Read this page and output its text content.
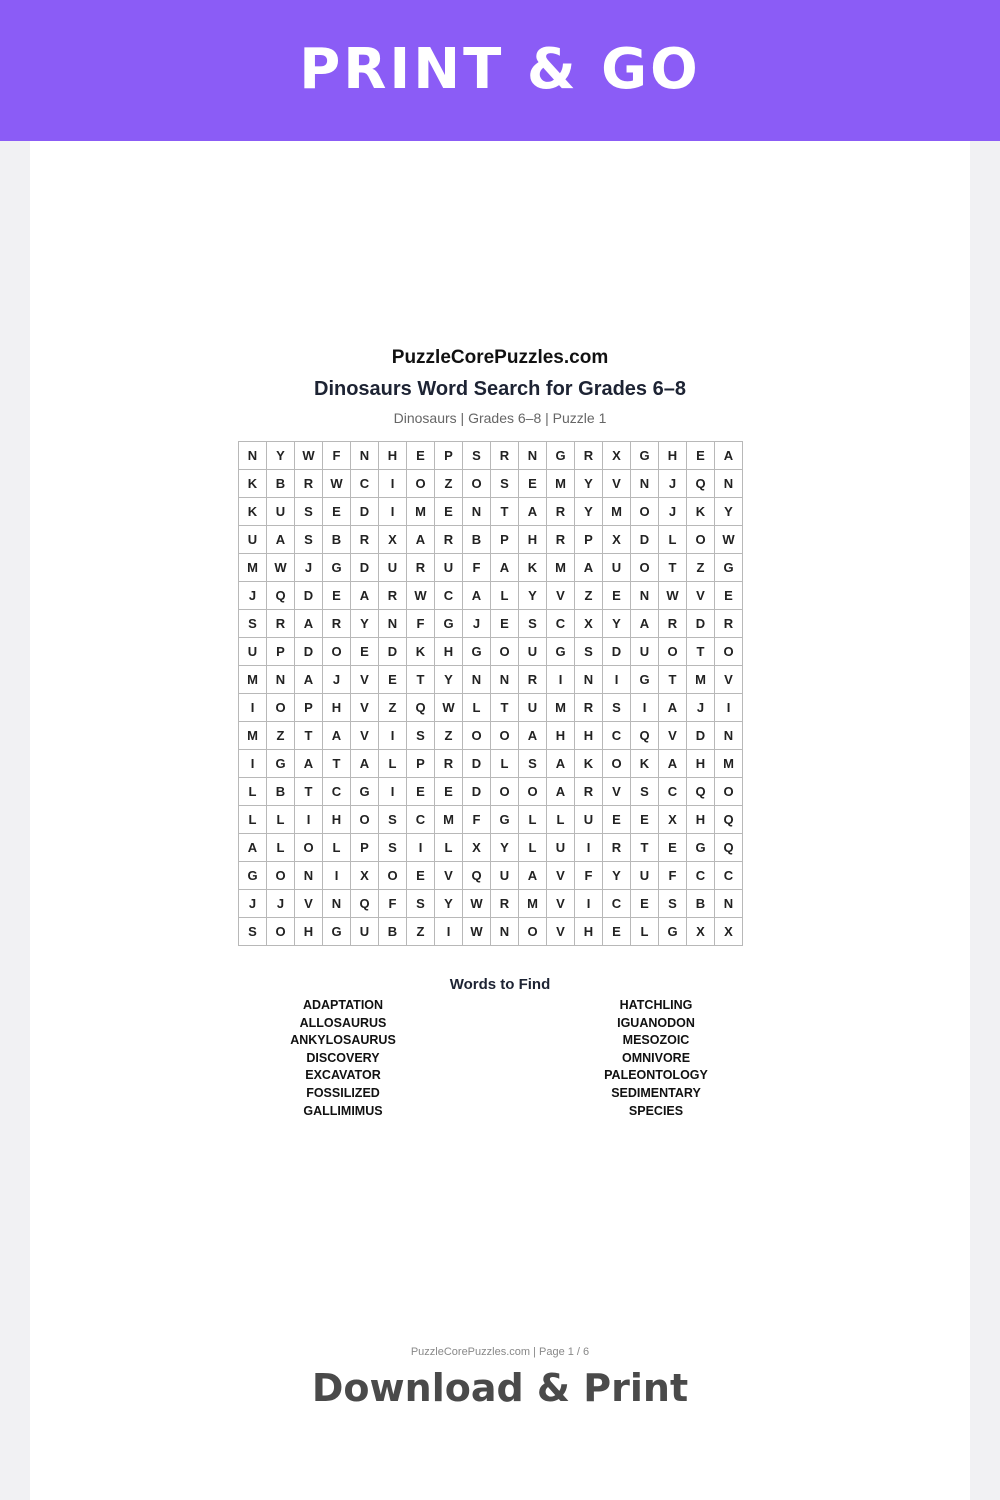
PRINT & GO
PuzzleCorePuzzles.com
Dinosaurs Word Search for Grades 6–8
Dinosaurs | Grades 6–8 | Puzzle 1
N	Y	W	F	N	H	E	P	S	R	N	G	R	X	G	H	E	A
K	B	R	W	C	I	O	Z	O	S	E	M	Y	V	N	J	Q	N
K	U	S	E	D	I	M	E	N	T	A	R	Y	M	O	J	K	Y
U	A	S	B	R	X	A	R	B	P	H	R	P	X	D	L	O	W
M	W	J	G	D	U	R	U	F	A	K	M	A	U	O	T	Z	G
J	Q	D	E	A	R	W	C	A	L	Y	V	Z	E	N	W	V	E
S	R	A	R	Y	N	F	G	J	E	S	C	X	Y	A	R	D	R
U	P	D	O	E	D	K	H	G	O	U	G	S	D	U	O	T	O
M	N	A	J	V	E	T	Y	N	N	R	I	N	I	G	T	M	V
I	O	P	H	V	Z	Q	W	L	T	U	M	R	S	I	A	J	I
M	Z	T	A	V	I	S	Z	O	O	A	H	H	C	Q	V	D	N
I	G	A	T	A	L	P	R	D	L	S	A	K	O	K	A	H	M
L	B	T	C	G	I	E	E	D	O	O	A	R	V	S	C	Q	O
L	L	I	H	O	S	C	M	F	G	L	L	U	E	E	X	H	Q
A	L	O	L	P	S	I	L	X	Y	L	U	I	R	T	E	G	Q
G	O	N	I	X	O	E	V	Q	U	A	V	F	Y	U	F	C	C
J	J	V	N	Q	F	S	Y	W	R	M	V	I	C	E	S	B	N
S	O	H	G	U	B	Z	I	W	N	O	V	H	E	L	G	X	X
Words to Find
ADAPTATION
ALLOSAURUS
ANKYLOSAURUS
DISCOVERY
EXCAVATOR
FOSSILIZED
GALLIMIMUS
HATCHLING
IGUANODON
MESOZOIC
OMNIVORE
PALEONTOLOGY
SEDIMENTARY
SPECIES
PuzzleCorePuzzles.com | Page 1 / 6
Download & Print
